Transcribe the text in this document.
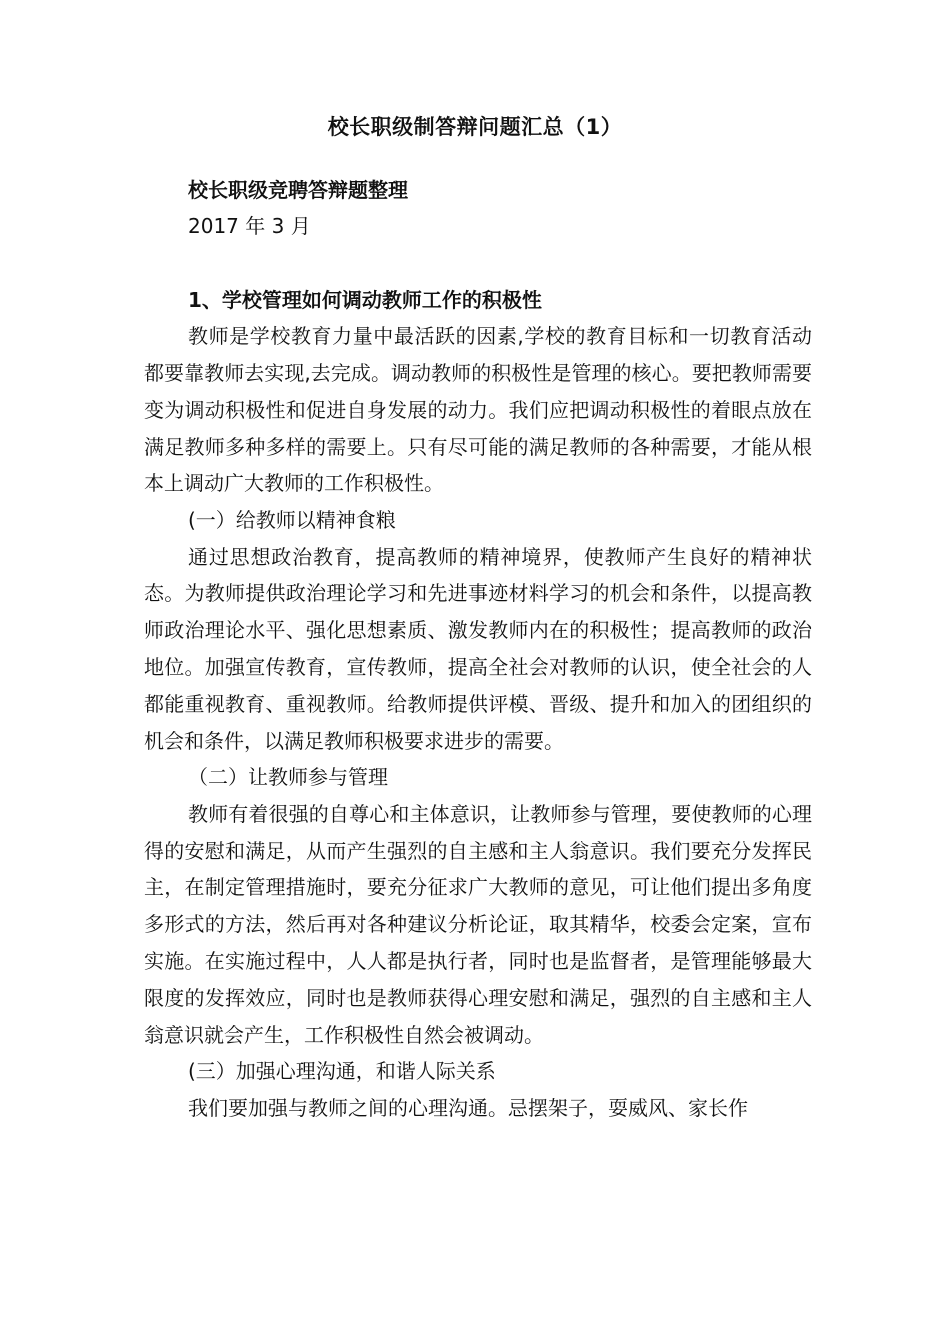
校长职级制答辩问题汇总（1）
校长职级竞聘答辩题整理
2017 年 3 月
1、学校管理如何调动教师工作的积极性

教师是学校教育力量中最活跃的因素,学校的教育目标和一切教育活动都要靠教师去实现,去完成。调动教师的积极性是管理的核心。要把教师需要变为调动积极性和促进自身发展的动力。我们应把调动积极性的着眼点放在满足教师多种多样的需要上。只有尽可能的满足教师的各种需要，才能从根本上调动广大教师的工作积极性。

(一）给教师以精神食粮

通过思想政治教育，提高教师的精神境界，使教师产生良好的精神状态。为教师提供政治理论学习和先进事迹材料学习的机会和条件，以提高教师政治理论水平、强化思想素质、激发教师内在的积极性；提高教师的政治地位。加强宣传教育，宣传教师，提高全社会对教师的认识，使全社会的人都能重视教育、重视教师。给教师提供评模、晋级、提升和加入的团组织的机会和条件，以满足教师积极要求进步的需要。

（二）让教师参与管理

教师有着很强的自尊心和主体意识，让教师参与管理，要使教师的心理得的安慰和满足，从而产生强烈的自主感和主人翁意识。我们要充分发挥民主，在制定管理措施时，要充分征求广大教师的意见，可让他们提出多角度多形式的方法，然后再对各种建议分析论证，取其精华，校委会定案，宣布实施。在实施过程中，人人都是执行者，同时也是监督者，是管理能够最大限度的发挥效应，同时也是教师获得心理安慰和满足，强烈的自主感和主人翁意识就会产生，工作积极性自然会被调动。

(三）加强心理沟通，和谐人际关系

我们要加强与教师之间的心理沟通。忌摆架子，耍威风、家长作
